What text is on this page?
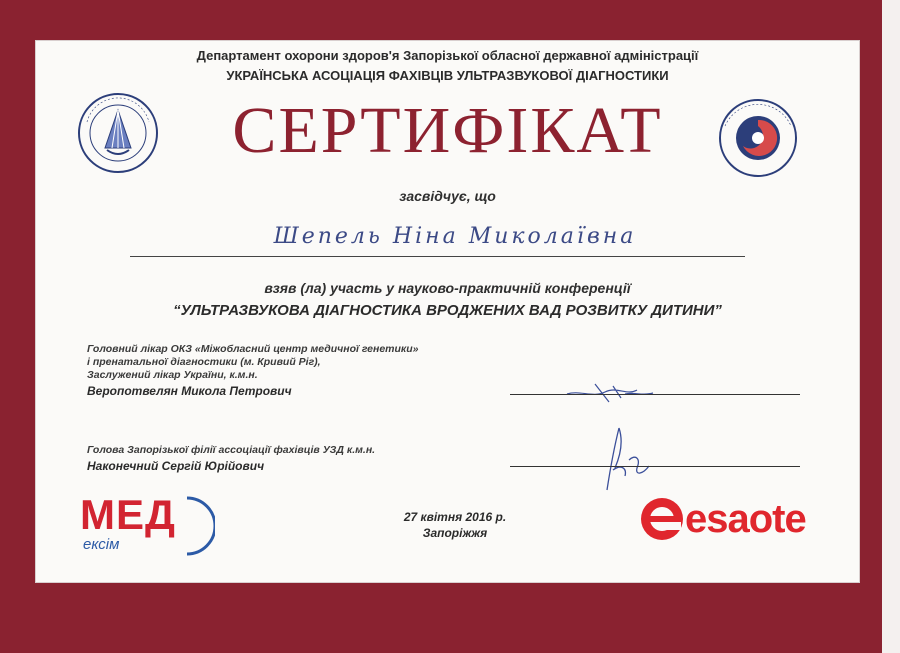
Департамент охорони здоров'я Запорізької обласної державної адміністрації
УКРАЇНСЬКА АСОЦІАЦІЯ ФАХІВЦІВ УЛЬТРАЗВУКОВОЇ ДІАГНОСТИКИ
СЕРТИФІКАТ
засвідчує, що
Шепель Ніна Миколаївна
взяв (ла) участь у науково-практичній конференції
“УЛЬТРАЗВУКОВА ДІАГНОСТИКА ВРОДЖЕНИХ ВАД РОЗВИТКУ ДИТИНИ”
Головний лікар ОКЗ «Міжобласний центр медичної генетики»
і пренатальної діагностики (м. Кривий Ріг),
Заслужений лікар України, к.м.н.
Веропотвелян Микола Петрович
Голова Запорізької філії ассоціації фахівців УЗД к.м.н.
Наконечний Сергій Юрійович
МЕД
ексім
27 квітня 2016 р.
Запоріжжя	esaote
